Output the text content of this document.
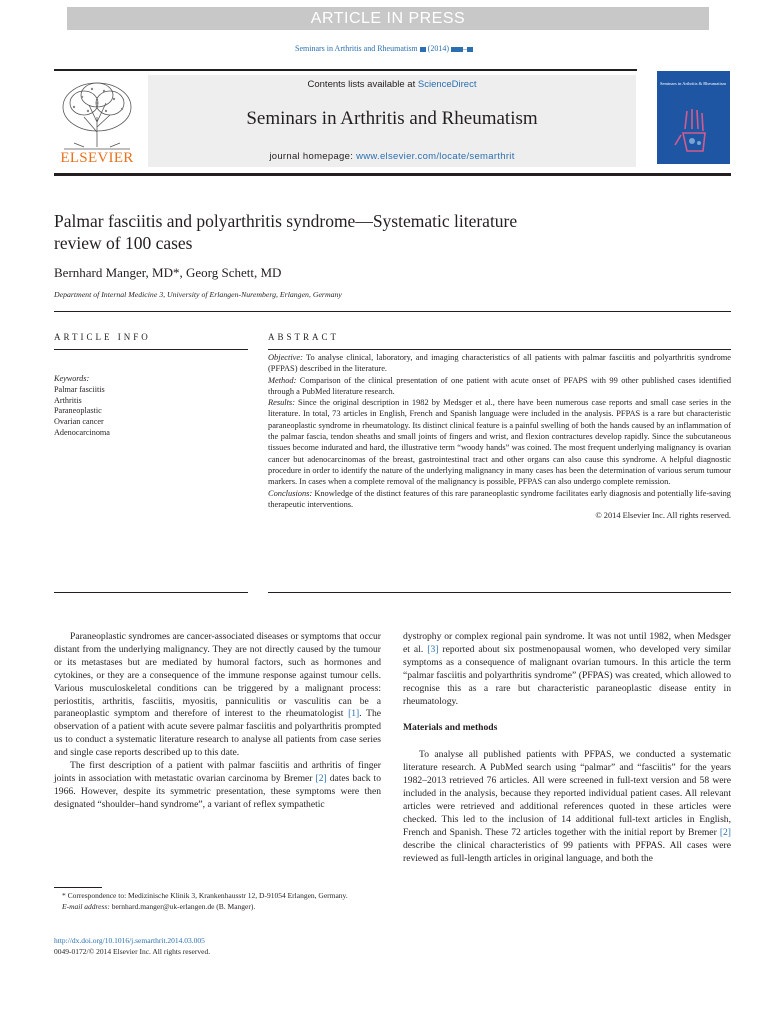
ARTICLE IN PRESS
Seminars in Arthritis and Rheumatism (2014) –
ELSEVIER
Contents lists available at ScienceDirect
Seminars in Arthritis and Rheumatism
journal homepage: www.elsevier.com/locate/semarthrit
Seminars in Arthritis & Rheumatism
Palmar fasciitis and polyarthritis syndrome—Systematic literature
review of 100 cases
Bernhard Manger, MD*, Georg Schett, MD
Department of Internal Medicine 3, University of Erlangen-Nuremberg, Erlangen, Germany
ARTICLE INFO	ABSTRACT
Keywords:
Palmar fasciitis
Arthritis
Paraneoplastic
Ovarian cancer
Adenocarcinoma

Objective: To analyse clinical, laboratory, and imaging characteristics of all patients with palmar fasciitis and polyarthritis syndrome (PFPAS) described in the literature.

Method: Comparison of the clinical presentation of one patient with acute onset of PFAPS with 99 other published cases identified through a PubMed literature research.

Results: Since the original description in 1982 by Medsger et al., there have been numerous case reports and small case series in the literature. In total, 73 articles in English, French and Spanish language were included in the analysis. PFPAS is a rare but characteristic paraneoplastic syndrome in rheumatology. Its distinct clinical feature is a painful swelling of both the hands caused by an inflammation of the palmar fascia, tendon sheaths and small joints of fingers and wrist, and flexion contractures develop rapidly. Since the subcutaneous tissues become indurated and hard, the illustrative term “woody hands” was coined. The most frequent underlying malignancy is ovarian cancer but adenocarcinomas of the breast, gastrointestinal tract and other organs can also cause this syndrome. A helpful diagnostic procedure in order to identify the nature of the underlying malignancy in many cases has been the determination of various serum tumour markers. In cases when a complete removal of the malignancy is possible, PFPAS can also undergo complete remission.

Conclusions: Knowledge of the distinct features of this rare paraneoplastic syndrome facilitates early diagnosis and potentially life-saving therapeutic interventions.

© 2014 Elsevier Inc. All rights reserved.

Paraneoplastic syndromes are cancer-associated diseases or symptoms that occur distant from the underlying malignancy. They are not directly caused by the tumour or its metastases but are mediated by humoral factors, such as hormones and cytokines, or they are a consequence of the immune response against tumour cells. Various musculoskeletal conditions can be triggered by a malignant process: periostitis, arthritis, fasciitis, myositis, panniculitis or vasculitis can be a paraneoplastic symptom and therefore of interest to the rheumatologist [1]. The observation of a patient with acute severe palmar fasciitis and polyarthritis prompted us to conduct a systematic literature research to analyse all patients from case series and single case reports described up to this date.

The first description of a patient with palmar fasciitis and arthritis of finger joints in association with metastatic ovarian carcinoma by Bremer [2] dates back to 1966. However, despite its symmetric presentation, these symptoms were then designated “shoulder–hand syndrome”, a variant of reflex sympathetic

dystrophy or complex regional pain syndrome. It was not until 1982, when Medsger et al. [3] reported about six postmenopausal women, who developed very similar symptoms as a consequence of malignant ovarian tumours. In this article the term “palmar fasciitis and polyarthritis syndrome” (PFPAS) was created, which allowed to recognise this as a rare but characteristic paraneoplastic disease entity in rheumatology.

Materials and methods

To analyse all published patients with PFPAS, we conducted a systematic literature research. A PubMed search using “palmar” and “fasciitis” for the years 1982–2013 retrieved 76 articles. All were screened in full-text version and 58 were included in the analysis, because they reported individual patient cases. All relevant articles were retrieved and additional references quoted in these articles were checked. This led to the inclusion of 14 additional full-text articles in English, French and Spanish. These 72 articles together with the initial report by Bremer [2] describe the clinical characteristics of 99 patients with PFPAS. All cases were reviewed as full-length articles in original language, and both the

* Correspondence to: Medizinische Klinik 3, Krankenhausstr 12, D-91054 Erlangen, Germany.
E-mail address: bernhard.manger@uk-erlangen.de (B. Manger).
http://dx.doi.org/10.1016/j.semarthrit.2014.03.005
0049-0172/© 2014 Elsevier Inc. All rights reserved.
